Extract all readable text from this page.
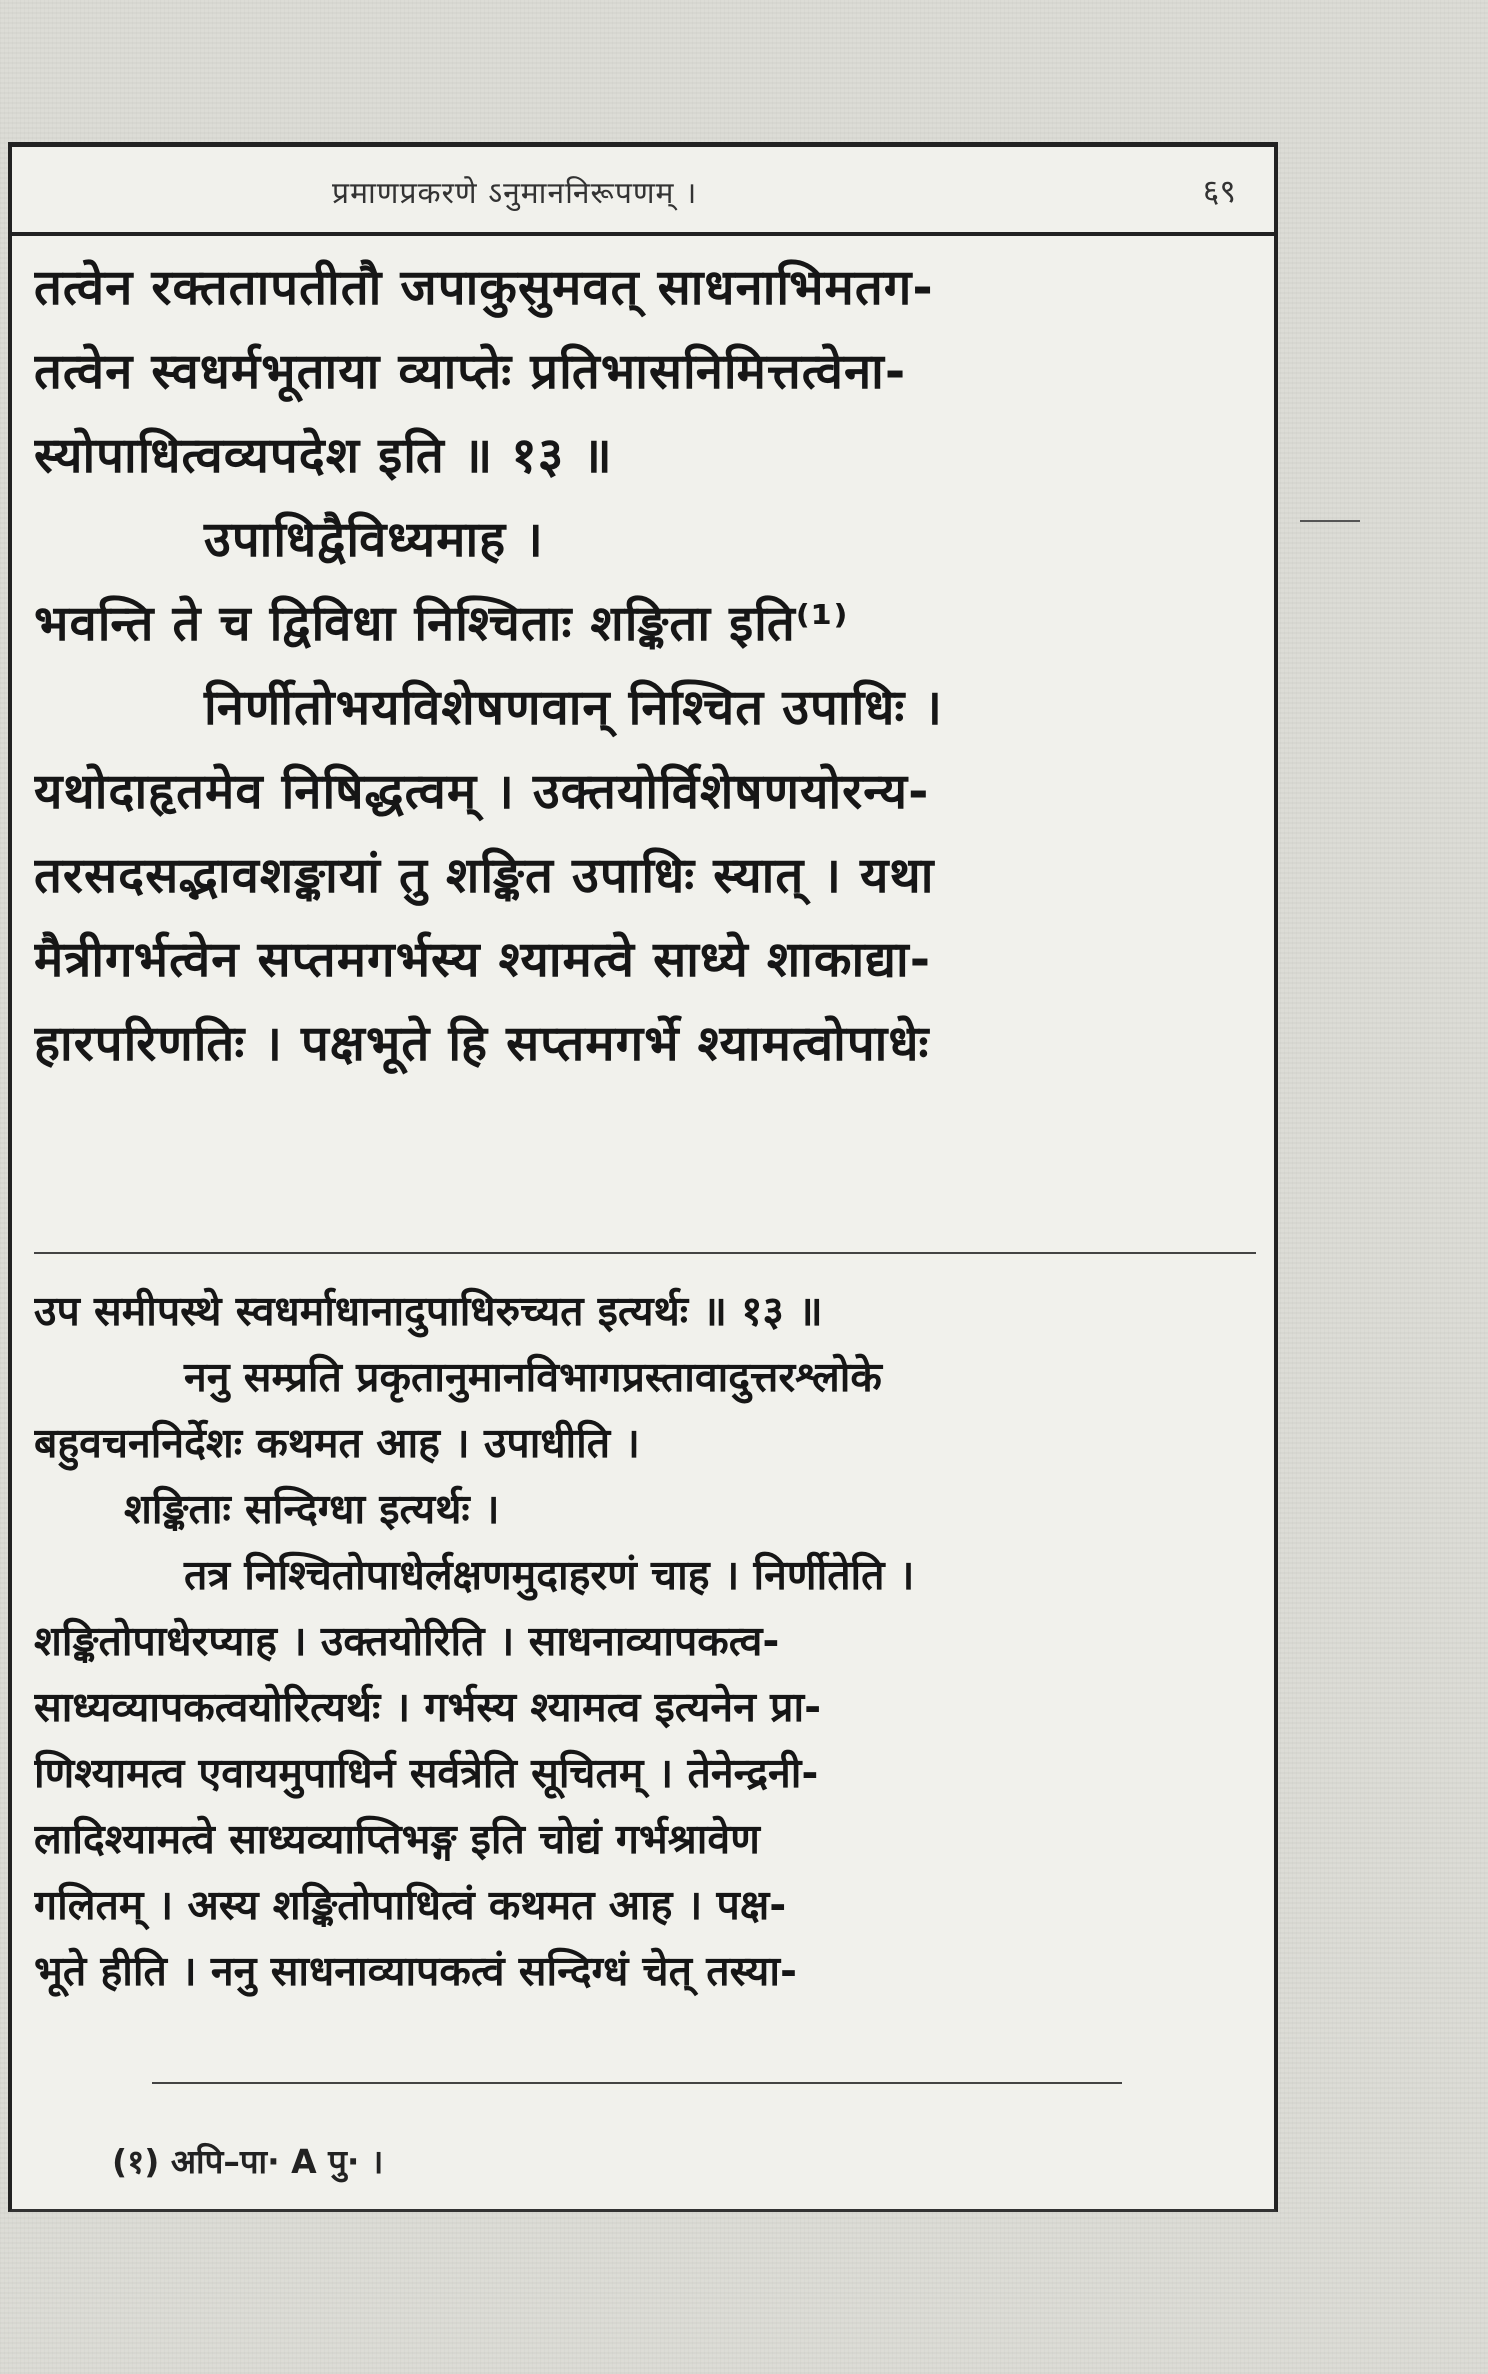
प्रमाणप्रकरणे ऽनुमाननिरूपणम् ।	६९
तत्वेन रक्ततापतीतौ जपाकुसुमवत् साधनाभिमतग-
तत्वेन स्वधर्मभूताया व्याप्तेः प्रतिभासनिमित्तत्वेना-
स्योपाधित्वव्यपदेश इति ॥ १३ ॥
उपाधिद्वैविध्यमाह ।
भवन्ति ते च द्विविधा निश्चिताः शङ्किता इति⁽¹⁾
निर्णीतोभयविशेषणवान् निश्चित उपाधिः ।
यथोदाहृतमेव निषिद्धत्वम् । उक्तयोर्विशेषणयोरन्य-
तरसदसद्भावशङ्कायां तु शङ्कित उपाधिः स्यात् । यथा
मैत्रीगर्भत्वेन सप्तमगर्भस्य श्यामत्वे साध्ये शाकाद्या-
हारपरिणतिः । पक्षभूते हि सप्तमगर्भे श्यामत्वोपाधेः
उप समीपस्थे स्वधर्माधानादुपाधिरुच्यत इत्यर्थः ॥ १३ ॥
ननु सम्प्रति प्रकृतानुमानविभागप्रस्तावादुत्तरश्लोके
बहुवचननिर्देशः कथमत आह । उपाधीति ।
शङ्किताः सन्दिग्धा इत्यर्थः ।
तत्र निश्चितोपाधेर्लक्षणमुदाहरणं चाह । निर्णीतेति ।
शङ्कितोपाधेरप्याह । उक्तयोरिति । साधनाव्यापकत्व-
साध्यव्यापकत्वयोरित्यर्थः । गर्भस्य श्यामत्व इत्यनेन प्रा-
णिश्यामत्व एवायमुपाधिर्न सर्वत्रेति सूचितम् । तेनेन्द्रनी-
लादिश्यामत्वे साध्यव्याप्तिभङ्ग इति चोद्यं गर्भश्रावेण
गलितम् । अस्य शङ्कितोपाधित्वं कथमत आह । पक्ष-
भूते हीति । ननु साधनाव्यापकत्वं सन्दिग्धं चेत् तस्या-
(१) अपि–पा· A पु· ।
